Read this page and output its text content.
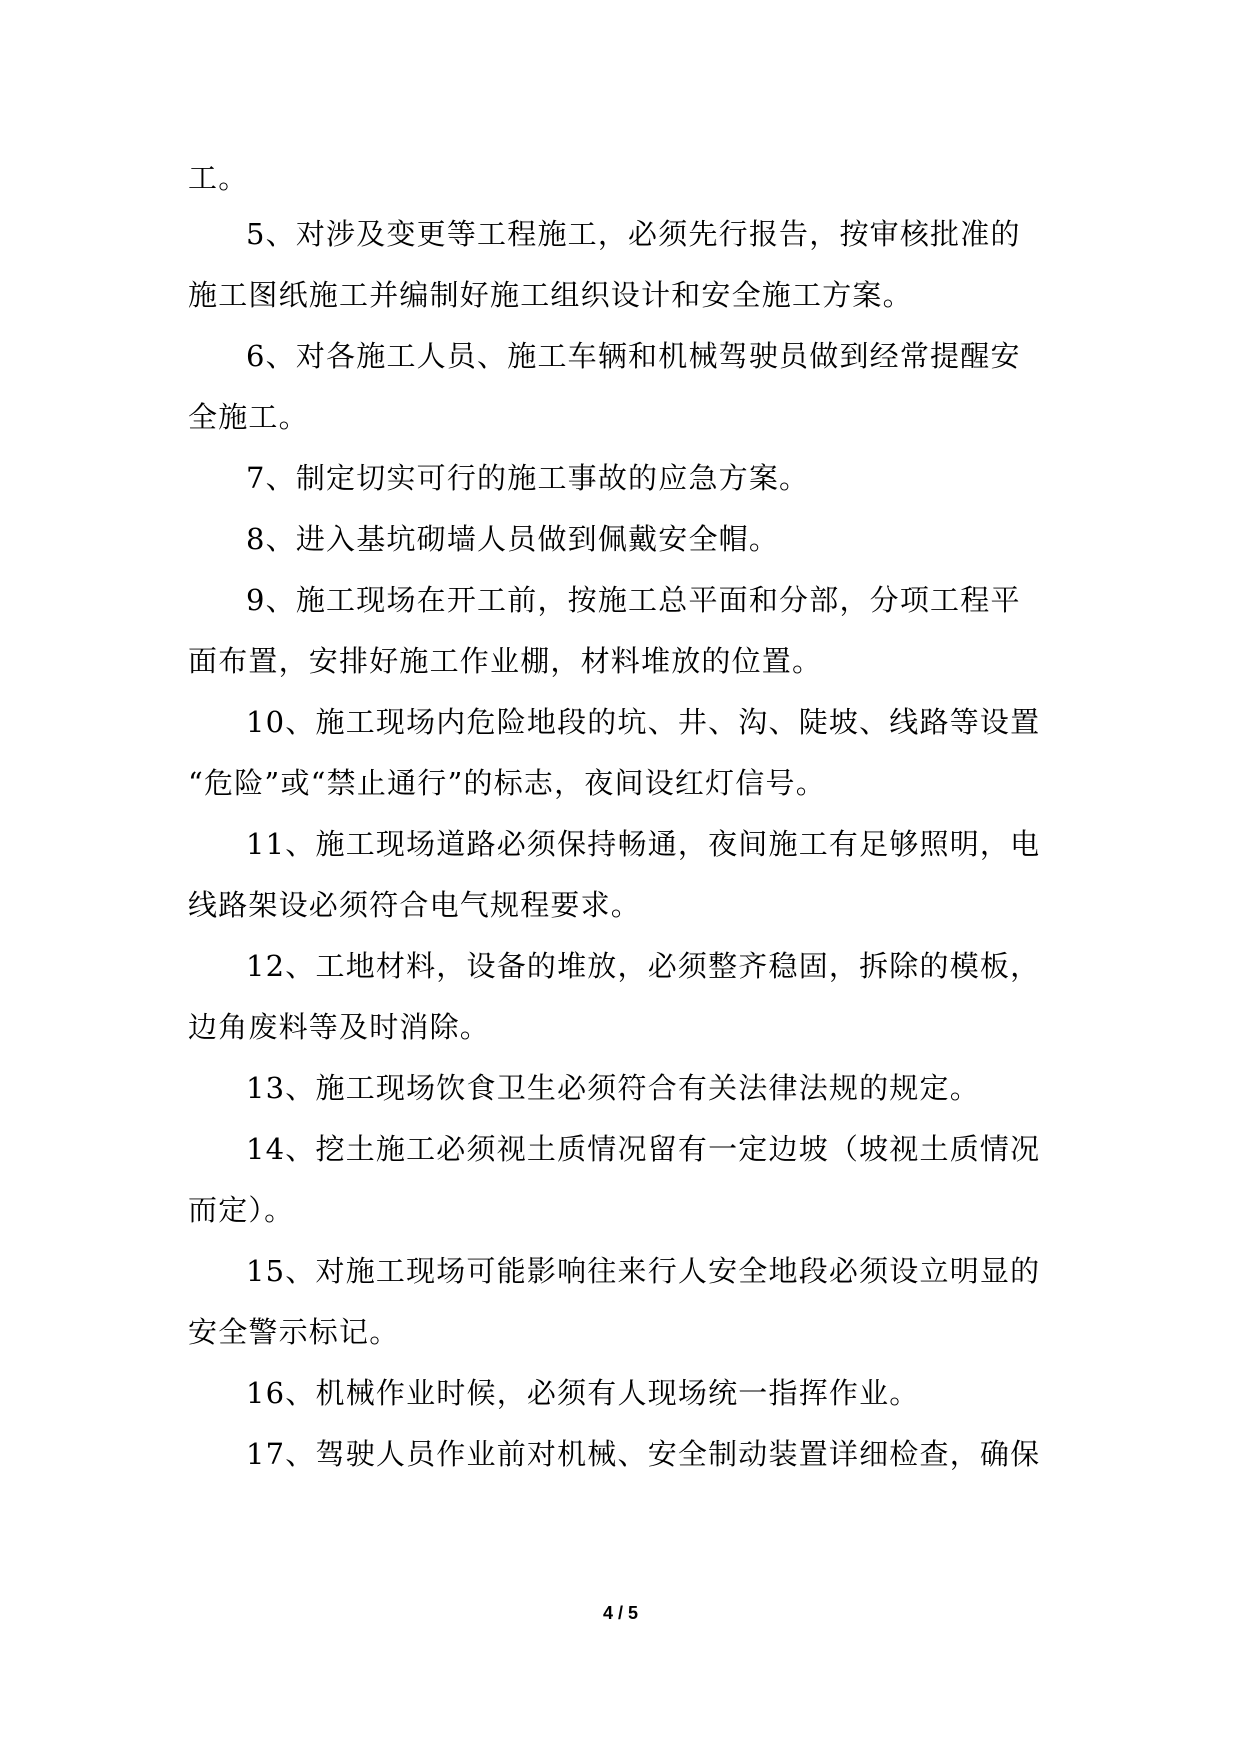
工。
5、对涉及变更等工程施工，必须先行报告，按审核批准的
施工图纸施工并编制好施工组织设计和安全施工方案。
6、对各施工人员、施工车辆和机械驾驶员做到经常提醒安
全施工。
7、制定切实可行的施工事故的应急方案。
8、进入基坑砌墙人员做到佩戴安全帽。
9、施工现场在开工前，按施工总平面和分部，分项工程平
面布置，安排好施工作业棚，材料堆放的位置。
10、施工现场内危险地段的坑、井、沟、陡坡、线路等设置
“危险”或“禁止通行”的标志，夜间设红灯信号。
11、施工现场道路必须保持畅通，夜间施工有足够照明，电
线路架设必须符合电气规程要求。
12、工地材料，设备的堆放，必须整齐稳固，拆除的模板，
边角废料等及时消除。
13、施工现场饮食卫生必须符合有关法律法规的规定。
14、挖土施工必须视土质情况留有一定边坡（坡视土质情况
而定）。
15、对施工现场可能影响往来行人安全地段必须设立明显的
安全警示标记。
16、机械作业时候，必须有人现场统一指挥作业。
17、驾驶人员作业前对机械、安全制动装置详细检查，确保
4 / 5
